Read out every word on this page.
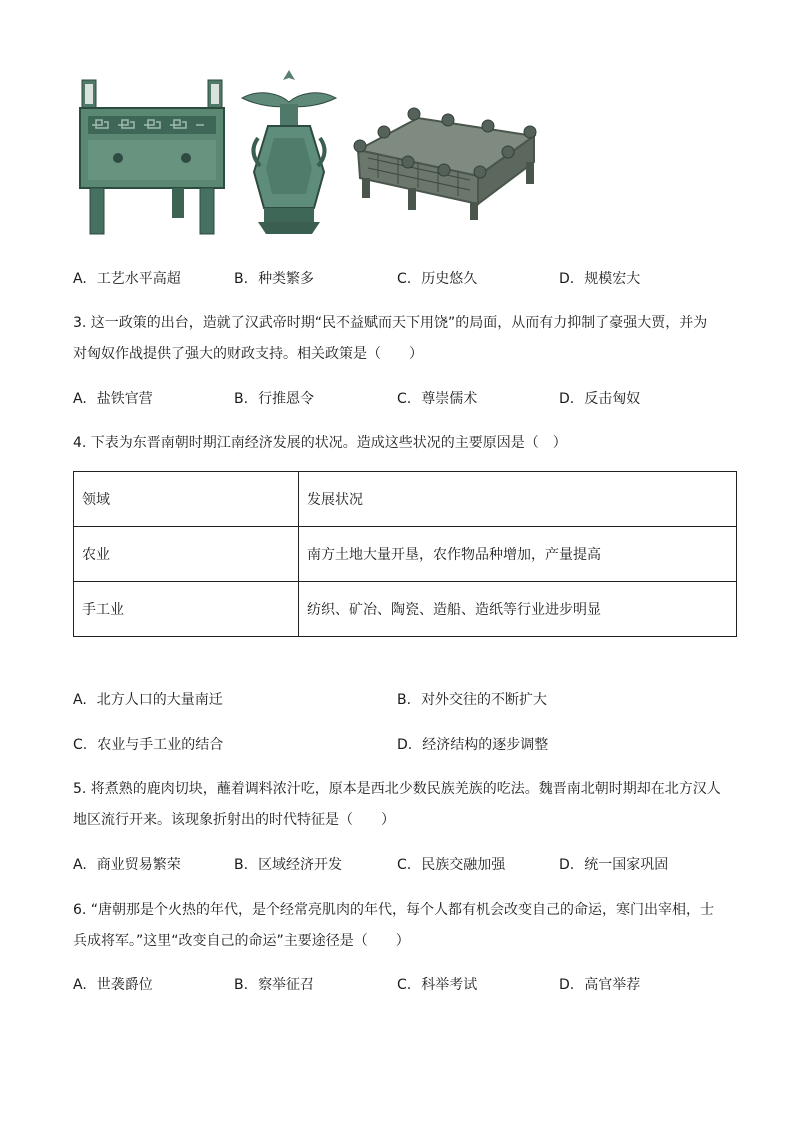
A. 工艺水平高超	B. 种类繁多	C. 历史悠久	D. 规模宏大
3. 这一政策的出台，造就了汉武帝时期“民不益赋而天下用饶”的局面，从而有力抑制了豪强大贾，并为
对匈奴作战提供了强大的财政支持。相关政策是（　　）
A. 盐铁官营	B. 行推恩令	C. 尊崇儒术	D. 反击匈奴
4. 下表为东晋南朝时期江南经济发展的状况。造成这些状况的主要原因是（　）
领域	发展状况
农业	南方土地大量开垦，农作物品种增加，产量提高
手工业	纺织、矿冶、陶瓷、造船、造纸等行业进步明显
A. 北方人口的大量南迁	B. 对外交往的不断扩大
C. 农业与手工业的结合	D. 经济结构的逐步调整
5. 将煮熟的鹿肉切块，蘸着调料浓汁吃，原本是西北少数民族羌族的吃法。魏晋南北朝时期却在北方汉人
地区流行开来。该现象折射出的时代特征是（　　）
A. 商业贸易繁荣	B. 区域经济开发	C. 民族交融加强	D. 统一国家巩固
6. “唐朝那是个火热的年代，是个经常亮肌肉的年代，每个人都有机会改变自己的命运，寒门出宰相，士
兵成将军。”这里“改变自己的命运”主要途径是（　　）
A. 世袭爵位	B. 察举征召	C. 科举考试	D. 高官举荐
